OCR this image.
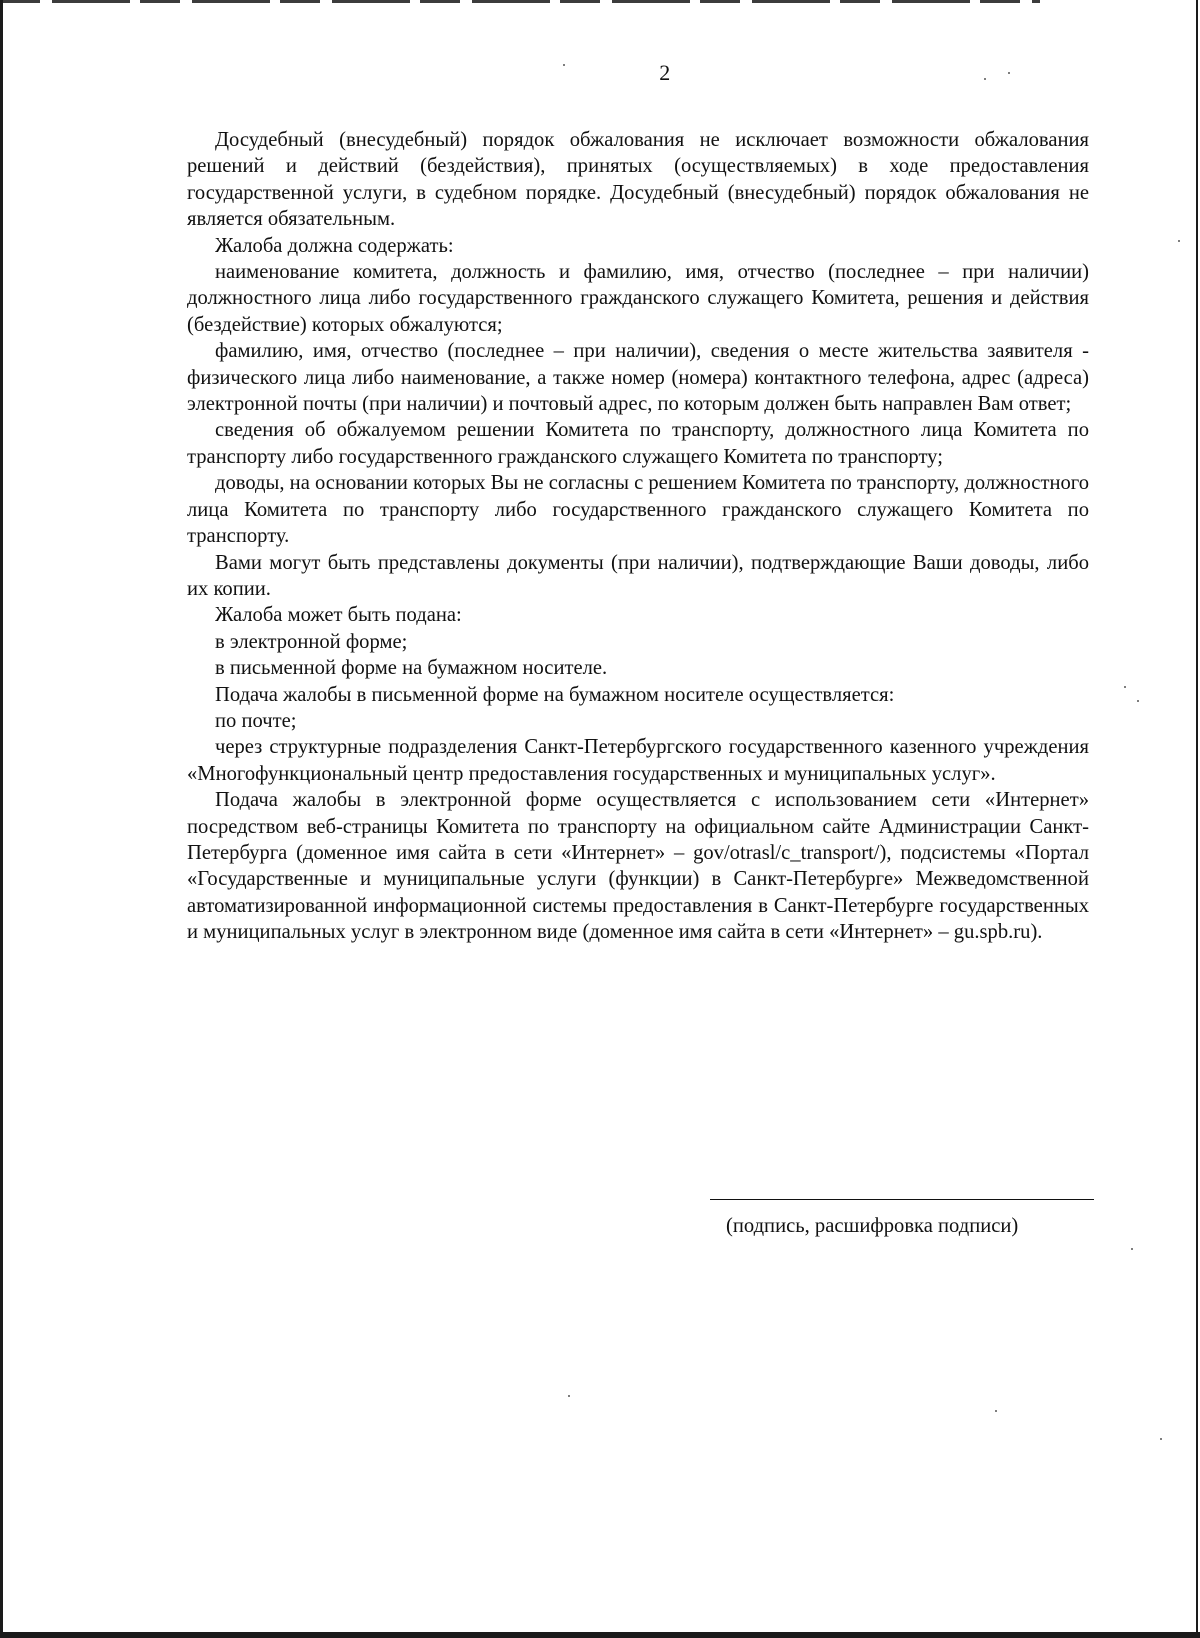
2

Досудебный (внесудебный) порядок обжалования не исключает возможности обжалования решений и действий (бездействия), принятых (осуществляемых) в ходе предоставления государственной услуги, в судебном порядке. Досудебный (внесудебный) порядок обжалования не является обязательным.

Жалоба должна содержать:

наименование комитета, должность и фамилию, имя, отчество (последнее – при наличии) должностного лица либо государственного гражданского служащего Комитета, решения и действия (бездействие) которых обжалуются;

фамилию, имя, отчество (последнее – при наличии), сведения о месте жительства заявителя - физического лица либо наименование, а также номер (номера) контактного телефона, адрес (адреса) электронной почты (при наличии) и почтовый адрес, по которым должен быть направлен Вам ответ;

сведения об обжалуемом решении Комитета по транспорту, должностного лица Комитета по транспорту либо государственного гражданского служащего Комитета по транспорту;

доводы, на основании которых Вы не согласны с решением Комитета по транспорту, должностного лица Комитета по транспорту либо государственного гражданского служащего Комитета по транспорту.

Вами могут быть представлены документы (при наличии), подтверждающие Ваши доводы, либо их копии.

Жалоба может быть подана:

в электронной форме;

в письменной форме на бумажном носителе.

Подача жалобы в письменной форме на бумажном носителе осуществляется:

по почте;

через структурные подразделения Санкт-Петербургского государственного казенного учреждения «Многофункциональный центр предоставления государственных и муниципальных услуг».

Подача жалобы в электронной форме осуществляется с использованием сети «Интернет» посредством веб-страницы Комитета по транспорту на официальном сайте Администрации Санкт-Петербурга (доменное имя сайта в сети «Интернет» – gov/otrasl/c_transport/), подсистемы «Портал «Государственные и муниципальные услуги (функции) в Санкт-Петербурге» Межведомственной автоматизированной информационной системы предоставления в Санкт-Петербурге государственных и муниципальных услуг в электронном виде (доменное имя сайта в сети «Интернет» – gu.spb.ru).

(подпись, расшифровка подписи)
